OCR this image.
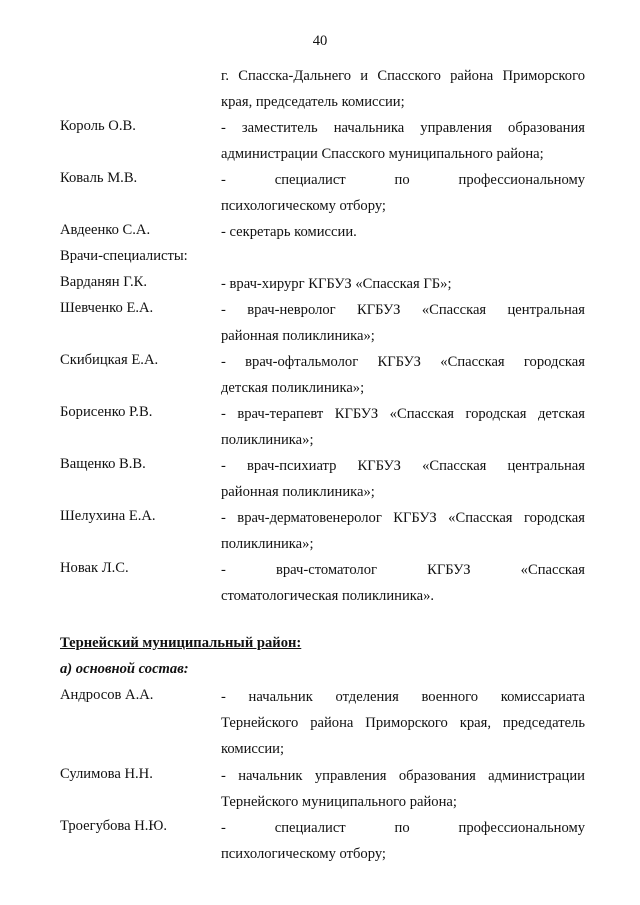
40
г. Спасска-Дальнего и Спасского района Приморского
края, председатель комиссии;
Король О.В.	- заместитель начальника управления образования
администрации Спасского муниципального района;
Коваль М.В.	- специалист по профессиональному
психологическому отбору;
Авдеенко С.А.	- секретарь комиссии.
Врачи-специалисты:
Варданян Г.К.	- врач-хирург КГБУЗ «Спасская ГБ»;
Шевченко Е.А.	- врач-невролог КГБУЗ «Спасская центральная
районная поликлиника»;
Скибицкая Е.А.	- врач-офтальмолог КГБУЗ «Спасская городская
детская поликлиника»;
Борисенко Р.В.	- врач-терапевт КГБУЗ «Спасская городская детская
поликлиника»;
Ващенко В.В.	- врач-психиатр КГБУЗ «Спасская центральная
районная поликлиника»;
Шелухина Е.А.	- врач-дерматовенеролог КГБУЗ «Спасская городская
поликлиника»;
Новак Л.С.	- врач-стоматолог КГБУЗ «Спасская
стоматологическая поликлиника».
Тернейский муниципальный район:
а) основной состав:
Андросов А.А.	- начальник отделения военного комиссариата
Тернейского района Приморского края, председатель
комиссии;
Сулимова Н.Н.	- начальник управления образования администрации
Тернейского муниципального района;
Троегубова Н.Ю.	- специалист по профессиональному
психологическому отбору;
